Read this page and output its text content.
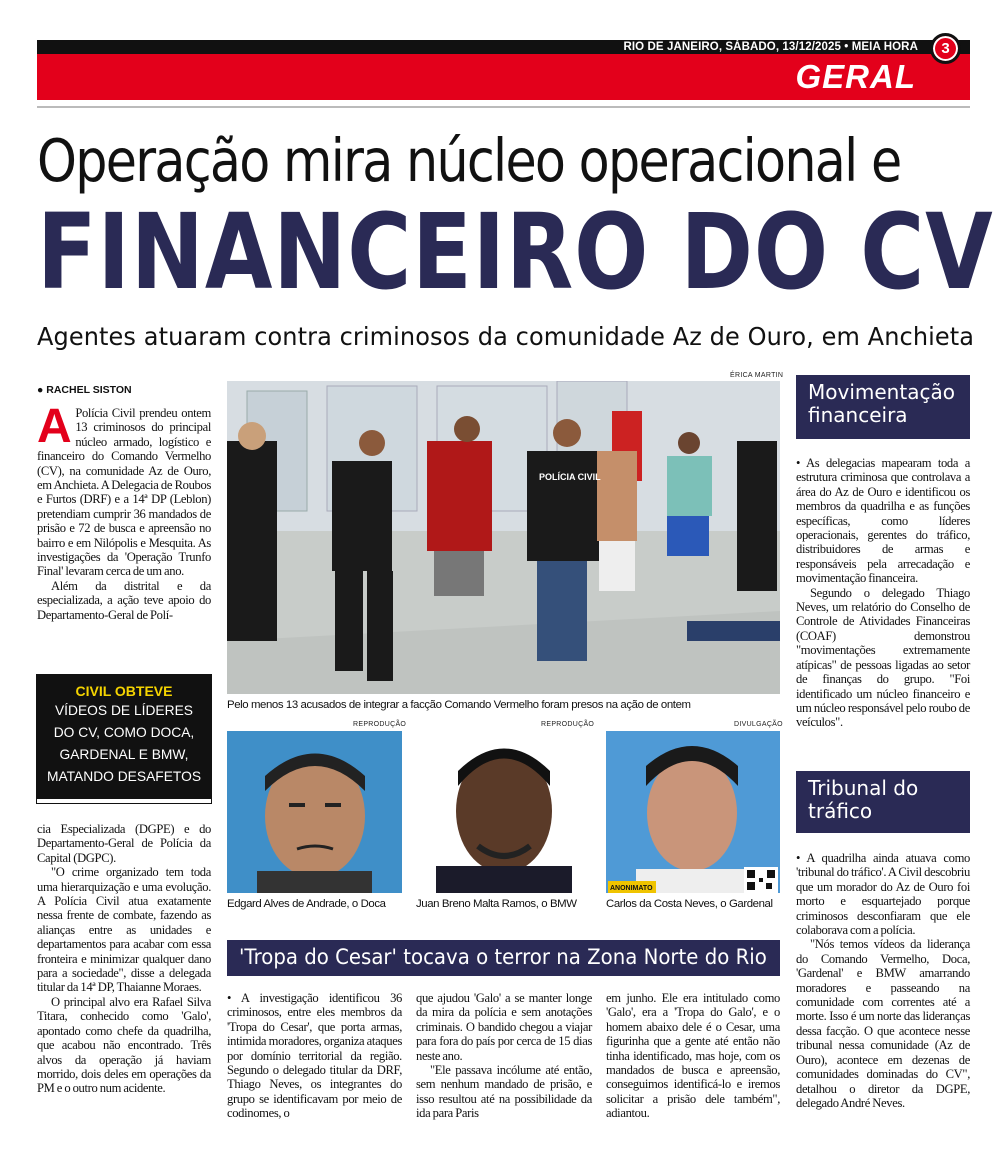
RIO DE JANEIRO, SÁBADO, 13/12/2025 • MEIA HORA
GERAL
3
Operação mira núcleo operacional e
FINANCEIRO DO CV
Agentes atuaram contra criminosos da comunidade Az de Ouro, em Anchieta
● RACHEL SISTON

A Polícia Civil prendeu ontem 13 criminosos do principal núcleo armado, logístico e financeiro do Comando Vermelho (CV), na comunidade Az de Ouro, em Anchieta. A Delegacia de Roubos e Furtos (DRF) e a 14ª DP (Leblon) pretendiam cumprir 36 mandados de prisão e 72 de busca e apreensão no bairro e em Nilópolis e Mesquita. As investigações da 'Operação Trunfo Final' levaram cerca de um ano.

Além da distrital e da especializada, a ação teve apoio do Departamento-Geral de Polí-

CIVIL OBTEVE
VÍDEOS DE LÍDERES
DO CV, COMO DOCA,
GARDENAL E BMW,
MATANDO DESAFETOS

cia Especializada (DGPE) e do Departamento-Geral de Polícia da Capital (DGPC).

"O crime organizado tem toda uma hierarquização e uma evolução. A Polícia Civil atua exatamente nessa frente de combate, fazendo as alianças entre as unidades e departamentos para acabar com essa fronteira e minimizar qualquer dano para a sociedade", disse a delegada titular da 14ª DP, Thaianne Moraes.

O principal alvo era Rafael Silva Titara, conhecido como 'Galo', apontado como chefe da quadrilha, que acabou não encontrado. Três alvos da operação já haviam morrido, dois deles em operações da PM e o outro num acidente.

ÉRICA MARTIN
POLÍCIA CIVIL
Pelo menos 13 acusados de integrar a facção Comando Vermelho foram presos na ação de ontem
REPRODUÇÃO	REPRODUÇÃO	DIVULGAÇÃO
ANONIMATO
Edgard Alves de Andrade, o Doca	Juan Breno Malta Ramos, o BMW	Carlos da Costa Neves, o Gardenal
'Tropa do Cesar' tocava o terror na Zona Norte do Rio

• A investigação identificou 36 criminosos, entre eles membros da 'Tropa do Cesar', que porta armas, intimida moradores, organiza ataques por domínio territorial da região. Segundo o delegado titular da DRF, Thiago Neves, os integrantes do grupo se identificavam por meio de codinomes, o

que ajudou 'Galo' a se manter longe da mira da polícia e sem anotações criminais. O bandido chegou a viajar para fora do país por cerca de 15 dias neste ano.

"Ele passava incólume até então, sem nenhum mandado de prisão, e isso resultou até na possibilidade da ida para Paris

em junho. Ele era intitulado como 'Galo', era a 'Tropa do Galo', e o homem abaixo dele é o Cesar, uma figurinha que a gente até então não tinha identificado, mas hoje, com os mandados de busca e apreensão, conseguimos identificá-lo e iremos solicitar a prisão dele também", adiantou.

Movimentação financeira

• As delegacias mapearam toda a estrutura criminosa que controlava a área do Az de Ouro e identificou os membros da quadrilha e as funções específicas, como líderes operacionais, gerentes do tráfico, distribuidores de armas e responsáveis pela arrecadação e movimentação financeira.

Segundo o delegado Thiago Neves, um relatório do Conselho de Controle de Atividades Financeiras (COAF) demonstrou "movimentações extremamente atípicas" de pessoas ligadas ao setor de finanças do grupo. "Foi identificado um núcleo financeiro e um núcleo responsável pelo roubo de veículos".

Tribunal do tráfico

• A quadrilha ainda atuava como 'tribunal do tráfico'. A Civil descobriu que um morador do Az de Ouro foi morto e esquartejado porque criminosos desconfiaram que ele colaborava com a polícia.

"Nós temos vídeos da liderança do Comando Vermelho, Doca, 'Gardenal' e BMW amarrando moradores e passeando na comunidade com correntes até a morte. Isso é um norte das lideranças dessa facção. O que acontece nesse tribunal nessa comunidade (Az de Ouro), acontece em dezenas de comunidades dominadas do CV", detalhou o diretor da DGPE, delegado André Neves.
